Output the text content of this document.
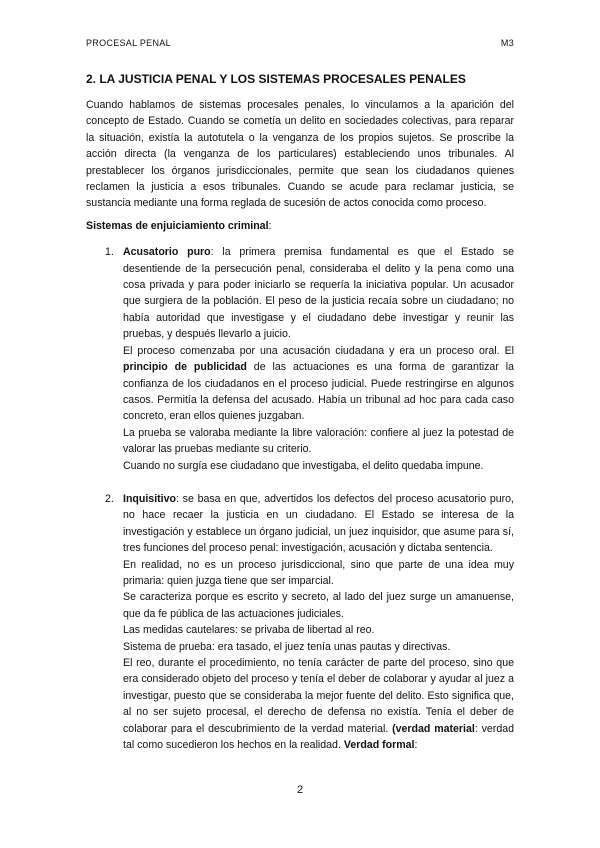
PROCESAL PENAL	M3
2. LA JUSTICIA PENAL Y LOS SISTEMAS PROCESALES PENALES

Cuando hablamos de sistemas procesales penales, lo vinculamos a la aparición del concepto de Estado. Cuando se cometía un delito en sociedades colectivas, para reparar la situación, existía la autotutela o la venganza de los propios sujetos. Se proscribe la acción directa (la venganza de los particulares) estableciendo unos tribunales. Al prestablecer los órganos jurisdiccionales, permite que sean los ciudadanos quienes reclamen la justicia a esos tribunales. Cuando se acude para reclamar justicia, se sustancia mediante una forma reglada de sucesión de actos conocida como proceso.

Sistemas de enjuiciamiento criminal:

1. Acusatorio puro: la primera premisa fundamental es que el Estado se desentiende de la persecución penal, consideraba el delito y la pena como una cosa privada y para poder iniciarlo se requería la iniciativa popular. Un acusador que surgiera de la población. El peso de la justicia recaía sobre un ciudadano; no había autoridad que investigase y el ciudadano debe investigar y reunir las pruebas, y después llevarlo a juicio.

El proceso comenzaba por una acusación ciudadana y era un proceso oral. El principio de publicidad de las actuaciones es una forma de garantizar la confianza de los ciudadanos en el proceso judicial. Puede restringirse en algunos casos. Permitía la defensa del acusado. Había un tribunal ad hoc para cada caso concreto, eran ellos quienes juzgaban.

La prueba se valoraba mediante la libre valoración: confiere al juez la potestad de valorar las pruebas mediante su criterio.

Cuando no surgía ese ciudadano que investigaba, el delito quedaba impune.

2. Inquisitivo: se basa en que, advertidos los defectos del proceso acusatorio puro, no hace recaer la justicia en un ciudadano. El Estado se interesa de la investigación y establece un órgano judicial, un juez inquisidor, que asume para sí, tres funciones del proceso penal: investigación, acusación y dictaba sentencia.

En realidad, no es un proceso jurisdiccional, sino que parte de una idea muy primaria: quien juzga tiene que ser imparcial.

Se caracteriza porque es escrito y secreto, al lado del juez surge un amanuense, que da fe pública de las actuaciones judiciales.

Las medidas cautelares: se privaba de libertad al reo.

Sistema de prueba: era tasado, el juez tenía unas pautas y directivas.

El reo, durante el procedimiento, no tenía carácter de parte del proceso, sino que era considerado objeto del proceso y tenía el deber de colaborar y ayudar al juez a investigar, puesto que se consideraba la mejor fuente del delito. Esto significa que, al no ser sujeto procesal, el derecho de defensa no existía. Tenía el deber de colaborar para el descubrimiento de la verdad material. (verdad material: verdad tal como sucedieron los hechos en la realidad. Verdad formal:

2
